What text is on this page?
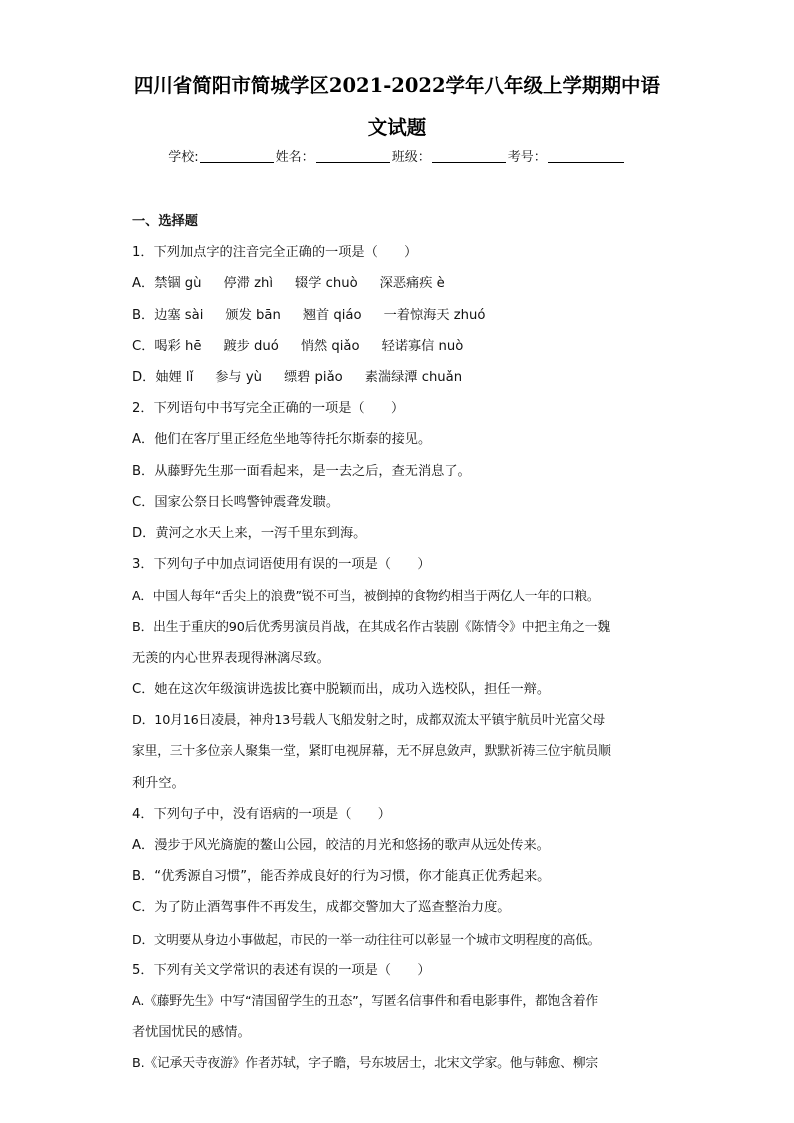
四川省简阳市简城学区2021-2022学年八年级上学期期中语
文试题
学校:	姓名：	班级：	考号：
一、选择题
1．下列加点字的注音完全正确的一项是（　　）
A．禁锢 gù 停滞 zhì 辍学 chuò 深恶痛疾 è
B．边塞 sài 颁发 bān 翘首 qiáo 一着惊海天 zhuó
C．喝彩 hē 踱步 duó 悄然 qiǎo 轻诺寡信 nuò
D．妯娌 lǐ 参与 yù 缥碧 piǎo 素湍绿潭 chuǎn
2．下列语句中书写完全正确的一项是（　　）
A．他们在客厅里正经危坐地等待托尔斯泰的接见。
B．从藤野先生那一面看起来，是一去之后，查无消息了。
C．国家公祭日长鸣警钟震聋发聩。
D．黄河之水天上来，一泻千里东到海。
3．下列句子中加点词语使用有误的一项是（　　）
A．中国人每年“舌尖上的浪费”锐不可当，被倒掉的食物约相当于两亿人一年的口粮。
B．出生于重庆的90后优秀男演员肖战，在其成名作古装剧《陈情令》中把主角之一魏
无羡的内心世界表现得淋漓尽致。
C．她在这次年级演讲选拔比赛中脱颖而出，成功入选校队，担任一辩。
D．10月16日凌晨，神舟13号载人飞船发射之时，成都双流太平镇宇航员叶光富父母
家里，三十多位亲人聚集一堂，紧盯电视屏幕，无不屏息敛声，默默祈祷三位宇航员顺
利升空。
4．下列句子中，没有语病的一项是（　　）
A．漫步于风光旖旎的鳌山公园，皎洁的月光和悠扬的歌声从远处传来。
B．“优秀源自习惯”，能否养成良好的行为习惯，你才能真正优秀起来。
C．为了防止酒驾事件不再发生，成都交警加大了巡查整治力度。
D．文明要从身边小事做起，市民的一举一动往往可以彰显一个城市文明程度的高低。
5．下列有关文学常识的表述有误的一项是（　　）
A.《藤野先生》中写“清国留学生的丑态”，写匿名信事件和看电影事件，都饱含着作
者忧国忧民的感情。
B.《记承天寺夜游》作者苏轼，字子瞻，号东坡居士，北宋文学家。他与韩愈、柳宗
